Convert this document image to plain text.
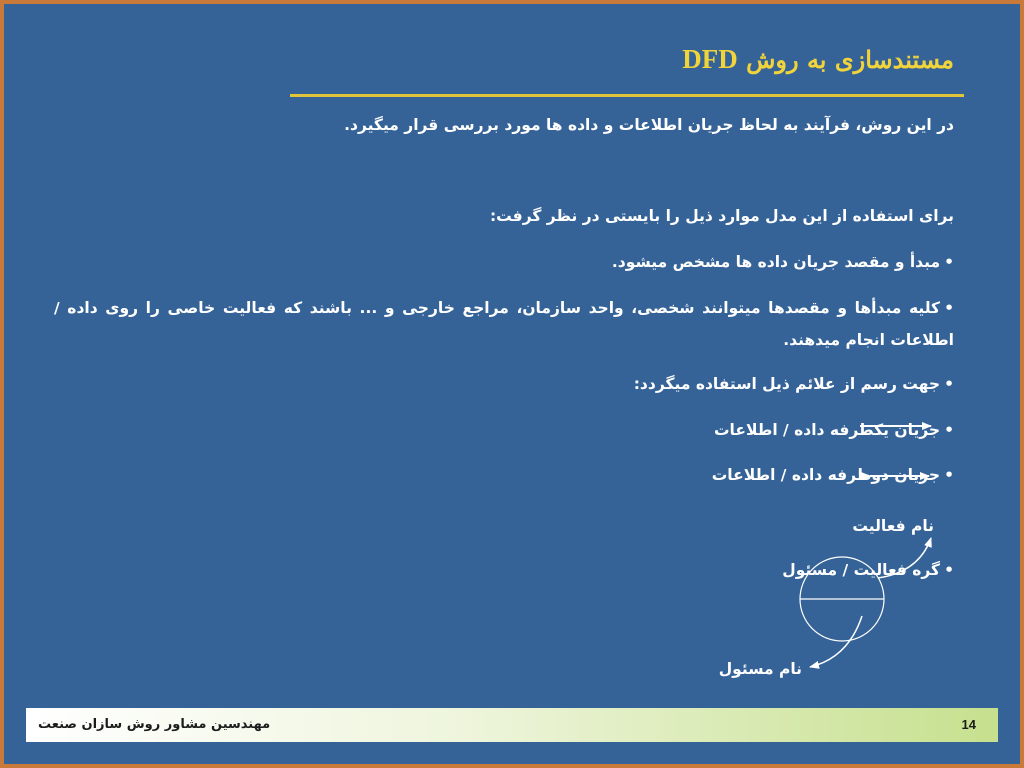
مستندسازی به روش DFD
در این روش، فرآیند به لحاظ جریان اطلاعات و داده ها مورد بررسی قرار میگیرد.
برای استفاده از این مدل موارد ذیل را بایستی در نظر گرفت:
•مبدأ و مقصد جریان داده ها مشخص میشود.
•کلیه مبدأها و مقصدها میتوانند شخصی، واحد سازمان، مراجع خارجی و ... باشند که فعالیت خاصی را روی داده / اطلاعات انجام میدهند.
•جهت رسم از علائم ذیل استفاده میگردد:
•جریان یکطرفه داده / اطلاعات
•جریان دوطرفه داده / اطلاعات
•گره فعالیت / مسئول
نام فعالیت
نام مسئول
مهندسین مشاور روش سازان صنعت	14
